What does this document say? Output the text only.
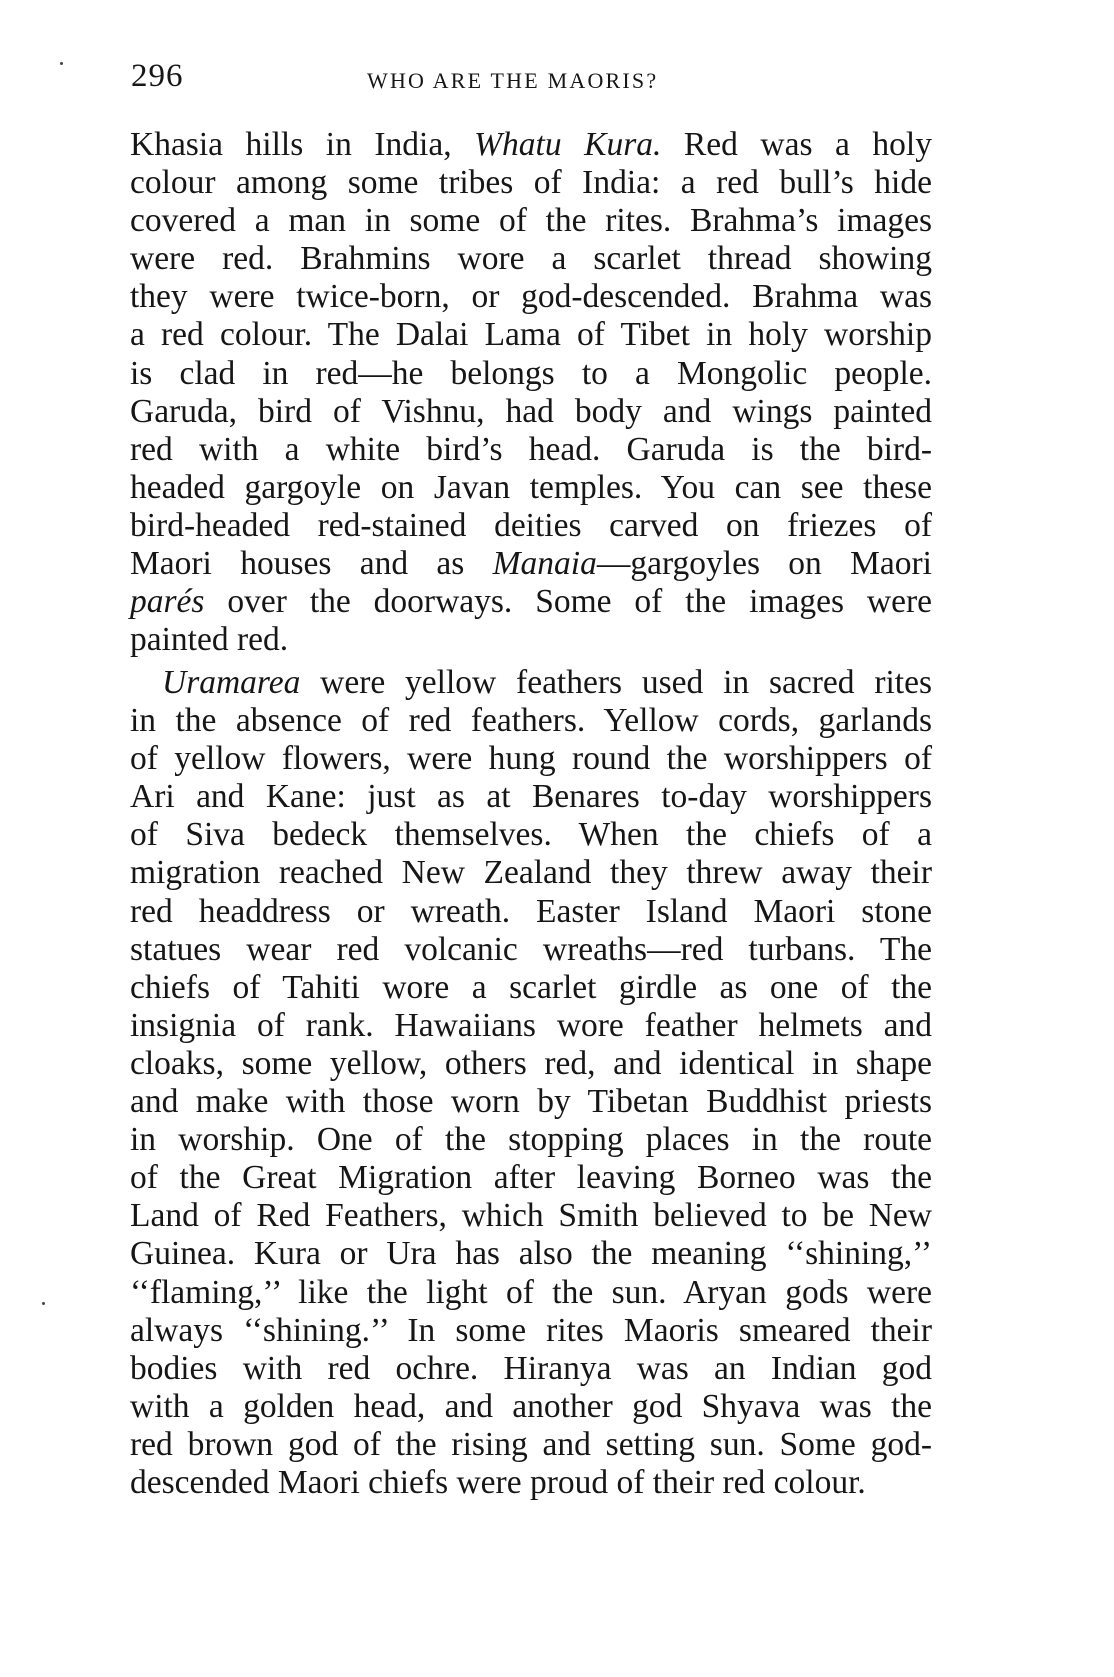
296	WHO ARE THE MAORIS?
Khasia hills in India, Whatu Kura. Red was a holy
colour among some tribes of India: a red bull’s hide
covered a man in some of the rites. Brahma’s images
were red. Brahmins wore a scarlet thread showing
they were twice-born, or god-descended. Brahma was
a red colour. The Dalai Lama of Tibet in holy worship
is clad in red—he belongs to a Mongolic people.
Garuda, bird of Vishnu, had body and wings painted
red with a white bird’s head. Garuda is the bird-
headed gargoyle on Javan temples. You can see these
bird-headed red-stained deities carved on friezes of
Maori houses and as Manaia—gargoyles on Maori
parés over the doorways. Some of the images were
painted red.
Uramarea were yellow feathers used in sacred rites
in the absence of red feathers. Yellow cords, garlands
of yellow flowers, were hung round the worshippers of
Ari and Kane: just as at Benares to-day worshippers
of Siva bedeck themselves. When the chiefs of a
migration reached New Zealand they threw away their
red headdress or wreath. Easter Island Maori stone
statues wear red volcanic wreaths—red turbans. The
chiefs of Tahiti wore a scarlet girdle as one of the
insignia of rank. Hawaiians wore feather helmets and
cloaks, some yellow, others red, and identical in shape
and make with those worn by Tibetan Buddhist priests
in worship. One of the stopping places in the route
of the Great Migration after leaving Borneo was the
Land of Red Feathers, which Smith believed to be New
Guinea. Kura or Ura has also the meaning ‘‘shining,’’
‘‘flaming,’’ like the light of the sun. Aryan gods were
always ‘‘shining.’’ In some rites Maoris smeared their
bodies with red ochre. Hiranya was an Indian god
with a golden head, and another god Shyava was the
red brown god of the rising and setting sun. Some god-
descended Maori chiefs were proud of their red colour.
